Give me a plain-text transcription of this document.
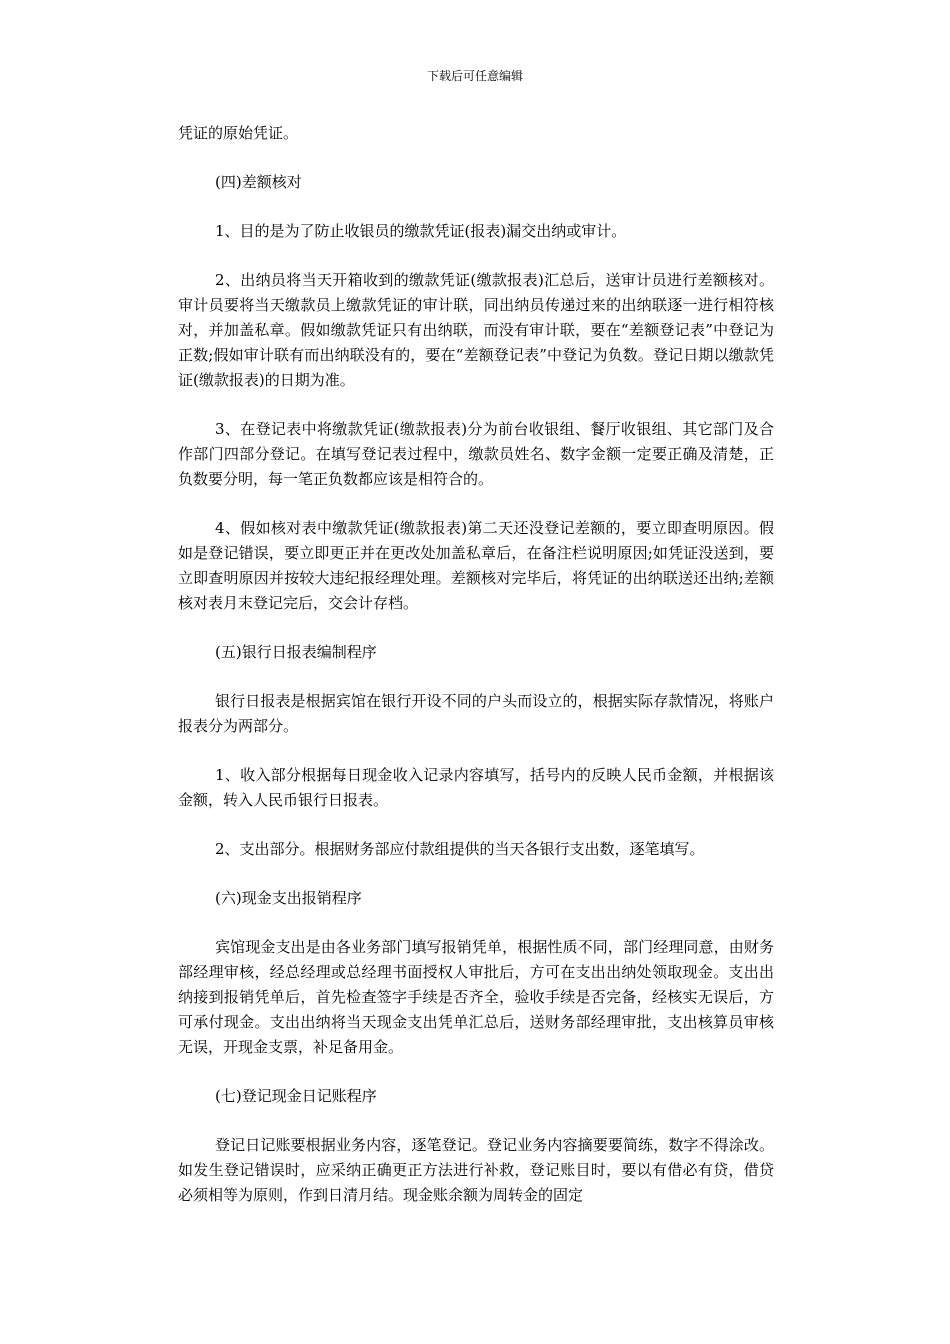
下载后可任意编辑

凭证的原始凭证。

(四)差额核对

1、目的是为了防止收银员的缴款凭证(报表)漏交出纳或审计。

2、出纳员将当天开箱收到的缴款凭证(缴款报表)汇总后，送审计员进行差额核对。审计员要将当天缴款员上缴款凭证的审计联，同出纳员传递过来的出纳联逐一进行相符核对，并加盖私章。假如缴款凭证只有出纳联，而没有审计联，要在“差额登记表”中登记为正数;假如审计联有而出纳联没有的，要在“差额登记表”中登记为负数。登记日期以缴款凭证(缴款报表)的日期为准。

3、在登记表中将缴款凭证(缴款报表)分为前台收银组、餐厅收银组、其它部门及合作部门四部分登记。在填写登记表过程中，缴款员姓名、数字金额一定要正确及清楚，正负数要分明，每一笔正负数都应该是相符合的。

4、假如核对表中缴款凭证(缴款报表)第二天还没登记差额的，要立即查明原因。假如是登记错误，要立即更正并在更改处加盖私章后，在备注栏说明原因;如凭证没送到，要立即查明原因并按较大违纪报经理处理。差额核对完毕后，将凭证的出纳联送还出纳;差额核对表月末登记完后，交会计存档。

(五)银行日报表编制程序

银行日报表是根据宾馆在银行开设不同的户头而设立的，根据实际存款情况，将账户报表分为两部分。

1、收入部分根据每日现金收入记录内容填写，括号内的反映人民币金额，并根据该金额，转入人民币银行日报表。

2、支出部分。根据财务部应付款组提供的当天各银行支出数，逐笔填写。

(六)现金支出报销程序

宾馆现金支出是由各业务部门填写报销凭单，根据性质不同，部门经理同意，由财务部经理审核，经总经理或总经理书面授权人审批后，方可在支出出纳处领取现金。支出出纳接到报销凭单后，首先检查签字手续是否齐全，验收手续是否完备，经核实无误后，方可承付现金。支出出纳将当天现金支出凭单汇总后，送财务部经理审批，支出核算员审核无误，开现金支票，补足备用金。

(七)登记现金日记账程序

登记日记账要根据业务内容，逐笔登记。登记业务内容摘要要简练，数字不得涂改。如发生登记错误时，应采纳正确更正方法进行补救，登记账目时，要以有借必有贷，借贷必须相等为原则，作到日清月结。现金账余额为周转金的固定
